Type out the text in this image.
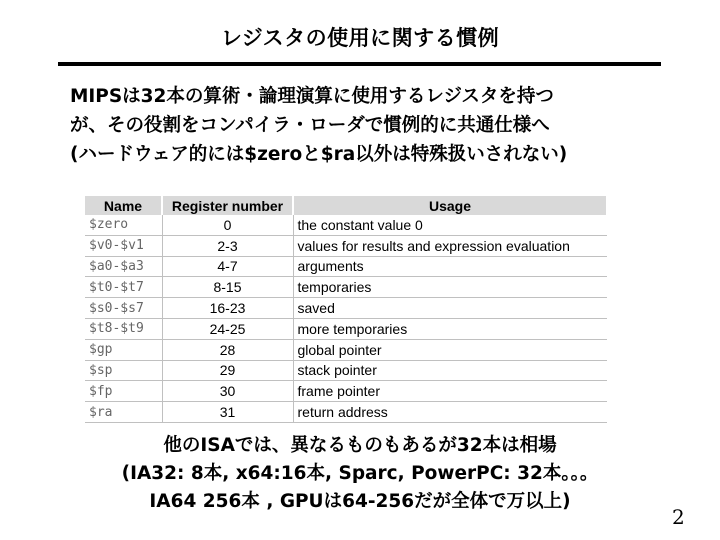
レジスタの使用に関する慣例
MIPSは32本の算術・論理演算に使用するレジスタを持つ
が、その役割をコンパイラ・ローダで慣例的に共通仕様へ
(ハードウェア的には$zeroと$ra以外は特殊扱いされない)
Name	Register number	Usage
$zero	0	the constant value 0
$v0-$v1	2-3	values for results and expression evaluation
$a0-$a3	4-7	arguments
$t0-$t7	8-15	temporaries
$s0-$s7	16-23	saved
$t8-$t9	24-25	more temporaries
$gp	28	global pointer
$sp	29	stack pointer
$fp	30	frame pointer
$ra	31	return address
他のISAでは、異なるものもあるが32本は相場
(IA32: 8本, x64:16本, Sparc, PowerPC: 32本。。。
IA64 256本 , GPUは64-256だが全体で万以上)
2
